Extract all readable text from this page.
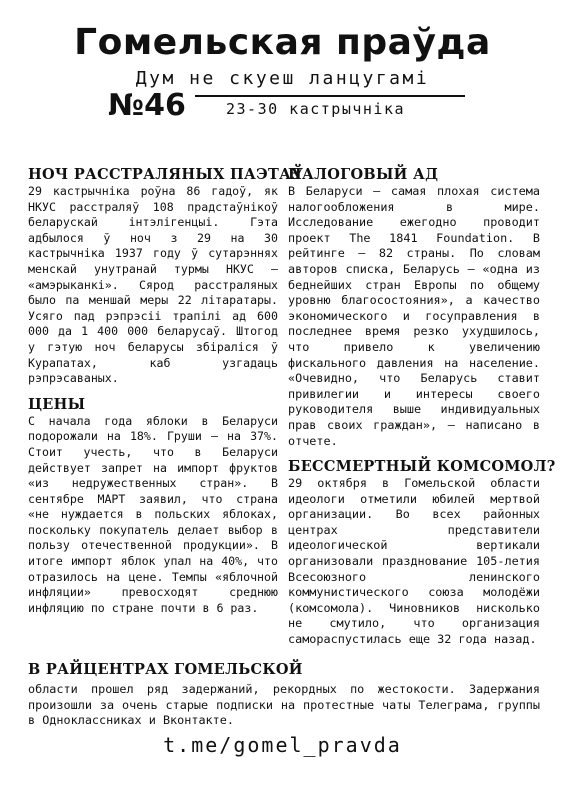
Гомельская праўда
Дум не скуеш ланцугамі
№46	23-30 кастрычніка
НОЧ РАССТРАЛЯНЫХ ПАЭТАЎ

29 кастрычніка роўна 86 гадоў, як НКУС расстраляў 108 прадстаўнікоў беларускай інтэлігенцыі. Гэта адбылося ў ноч з 29 на 30 кастрычніка 1937 году ў сутарэннях менскай унутранай турмы НКУС — «амэрыканкі». Сярод расстраляных было па меншай меры 22 літаратары. Усяго пад рэпрэсіі трапілі ад 600 000 да 1 400 000 беларусаў. Штогод у гэтую ноч беларусы збіраліся ў Курапатах, каб узгадаць рэпрэсаваных.

ЦЕНЫ

С начала года яблоки в Беларуси подорожали на 18%. Груши — на 37%. Стоит учесть, что в Беларуси действует запрет на импорт фруктов «из недружественных стран». В сентябре МАРТ заявил, что страна «не нуждается в польских яблоках, поскольку покупатель делает выбор в пользу отечественной продукции». В итоге импорт яблок упал на 40%, что отразилось на цене. Темпы «яблочной инфляции» превосходят среднюю инфляцию по стране почти в 6 раз.

НАЛОГОВЫЙ АД

В Беларуси — самая плохая система налогообложения в мире. Исследование ежегодно проводит проект The 1841 Foundation. В рейтинге — 82 страны. По словам авторов списка, Беларусь — «одна из беднейших стран Европы по общему уровню благосостояния», а качество экономического и госуправления в последнее время резко ухудшилось, что привело к увеличению фискального давления на население. «Очевидно, что Беларусь ставит привилегии и интересы своего руководителя выше индивидуальных прав своих граждан», — написано в отчете.

БЕССМЕРТНЫЙ КОМСОМОЛ?

29 октября в Гомельской области идеологи отметили юбилей мертвой организации. Во всех районных центрах представители идеологической вертикали организовали празднование 105-летия Всесоюзного ленинского коммунистического союза молодёжи (комсомола). Чиновников нисколько не смутило, что организация самораспустилась еще 32 года назад.

В РАЙЦЕНТРАХ ГОМЕЛЬСКОЙ

области прошел ряд задержаний, рекордных по жестокости. Задержания произошли за очень старые подписки на протестные чаты Телеграма, группы в Одноклассниках и Вконтакте.

t.me/gomel_pravda
